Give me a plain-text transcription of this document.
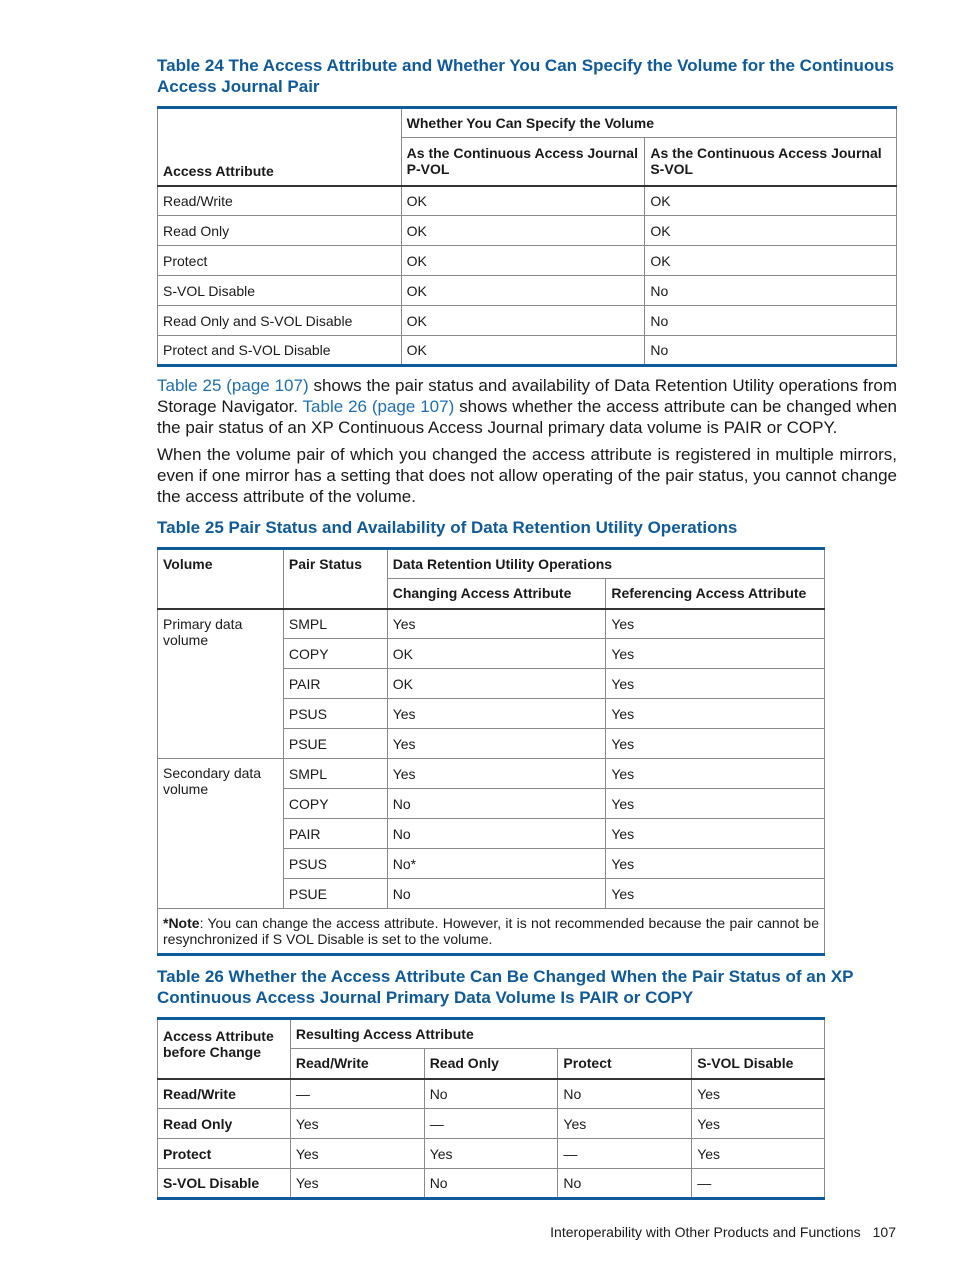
Table 24 The Access Attribute and Whether You Can Specify the Volume for the Continuous Access Journal Pair

Access Attribute	Whether You Can Specify the Volume	
	As the Continuous Access Journal P-VOL	As the Continuous Access Journal S-VOL
Read/Write	OK	OK
Read Only	OK	OK
Protect	OK	OK
S-VOL Disable	OK	No
Read Only and S-VOL Disable	OK	No
Protect and S-VOL Disable	OK	No

Table 25 (page 107) shows the pair status and availability of Data Retention Utility operations from Storage Navigator. Table 26 (page 107) shows whether the access attribute can be changed when the pair status of an XP Continuous Access Journal primary data volume is PAIR or COPY.

When the volume pair of which you changed the access attribute is registered in multiple mirrors, even if one mirror has a setting that does not allow operating of the pair status, you cannot change the access attribute of the volume.

Table 25 Pair Status and Availability of Data Retention Utility Operations

Volume	Pair Status	Data Retention Utility Operations	
		Changing Access Attribute	Referencing Access Attribute
Primary data volume	SMPL	Yes	Yes
	COPY	OK	Yes
	PAIR	OK	Yes
	PSUS	Yes	Yes
	PSUE	Yes	Yes
Secondary data volume	SMPL	Yes	Yes
	COPY	No	Yes
	PAIR	No	Yes
	PSUS	No*	Yes
	PSUE	No	Yes
*Note: You can change the access attribute. However, it is not recommended because the pair cannot be resynchronized if S VOL Disable is set to the volume.			

Table 26 Whether the Access Attribute Can Be Changed When the Pair Status of an XP Continuous Access Journal Primary Data Volume Is PAIR or COPY

Access Attribute before Change	Resulting Access Attribute			
	Read/Write	Read Only	Protect	S-VOL Disable
Read/Write	—	No	No	Yes
Read Only	Yes	—	Yes	Yes
Protect	Yes	Yes	—	Yes
S-VOL Disable	Yes	No	No	—
Interoperability with Other Products and Functions 107
